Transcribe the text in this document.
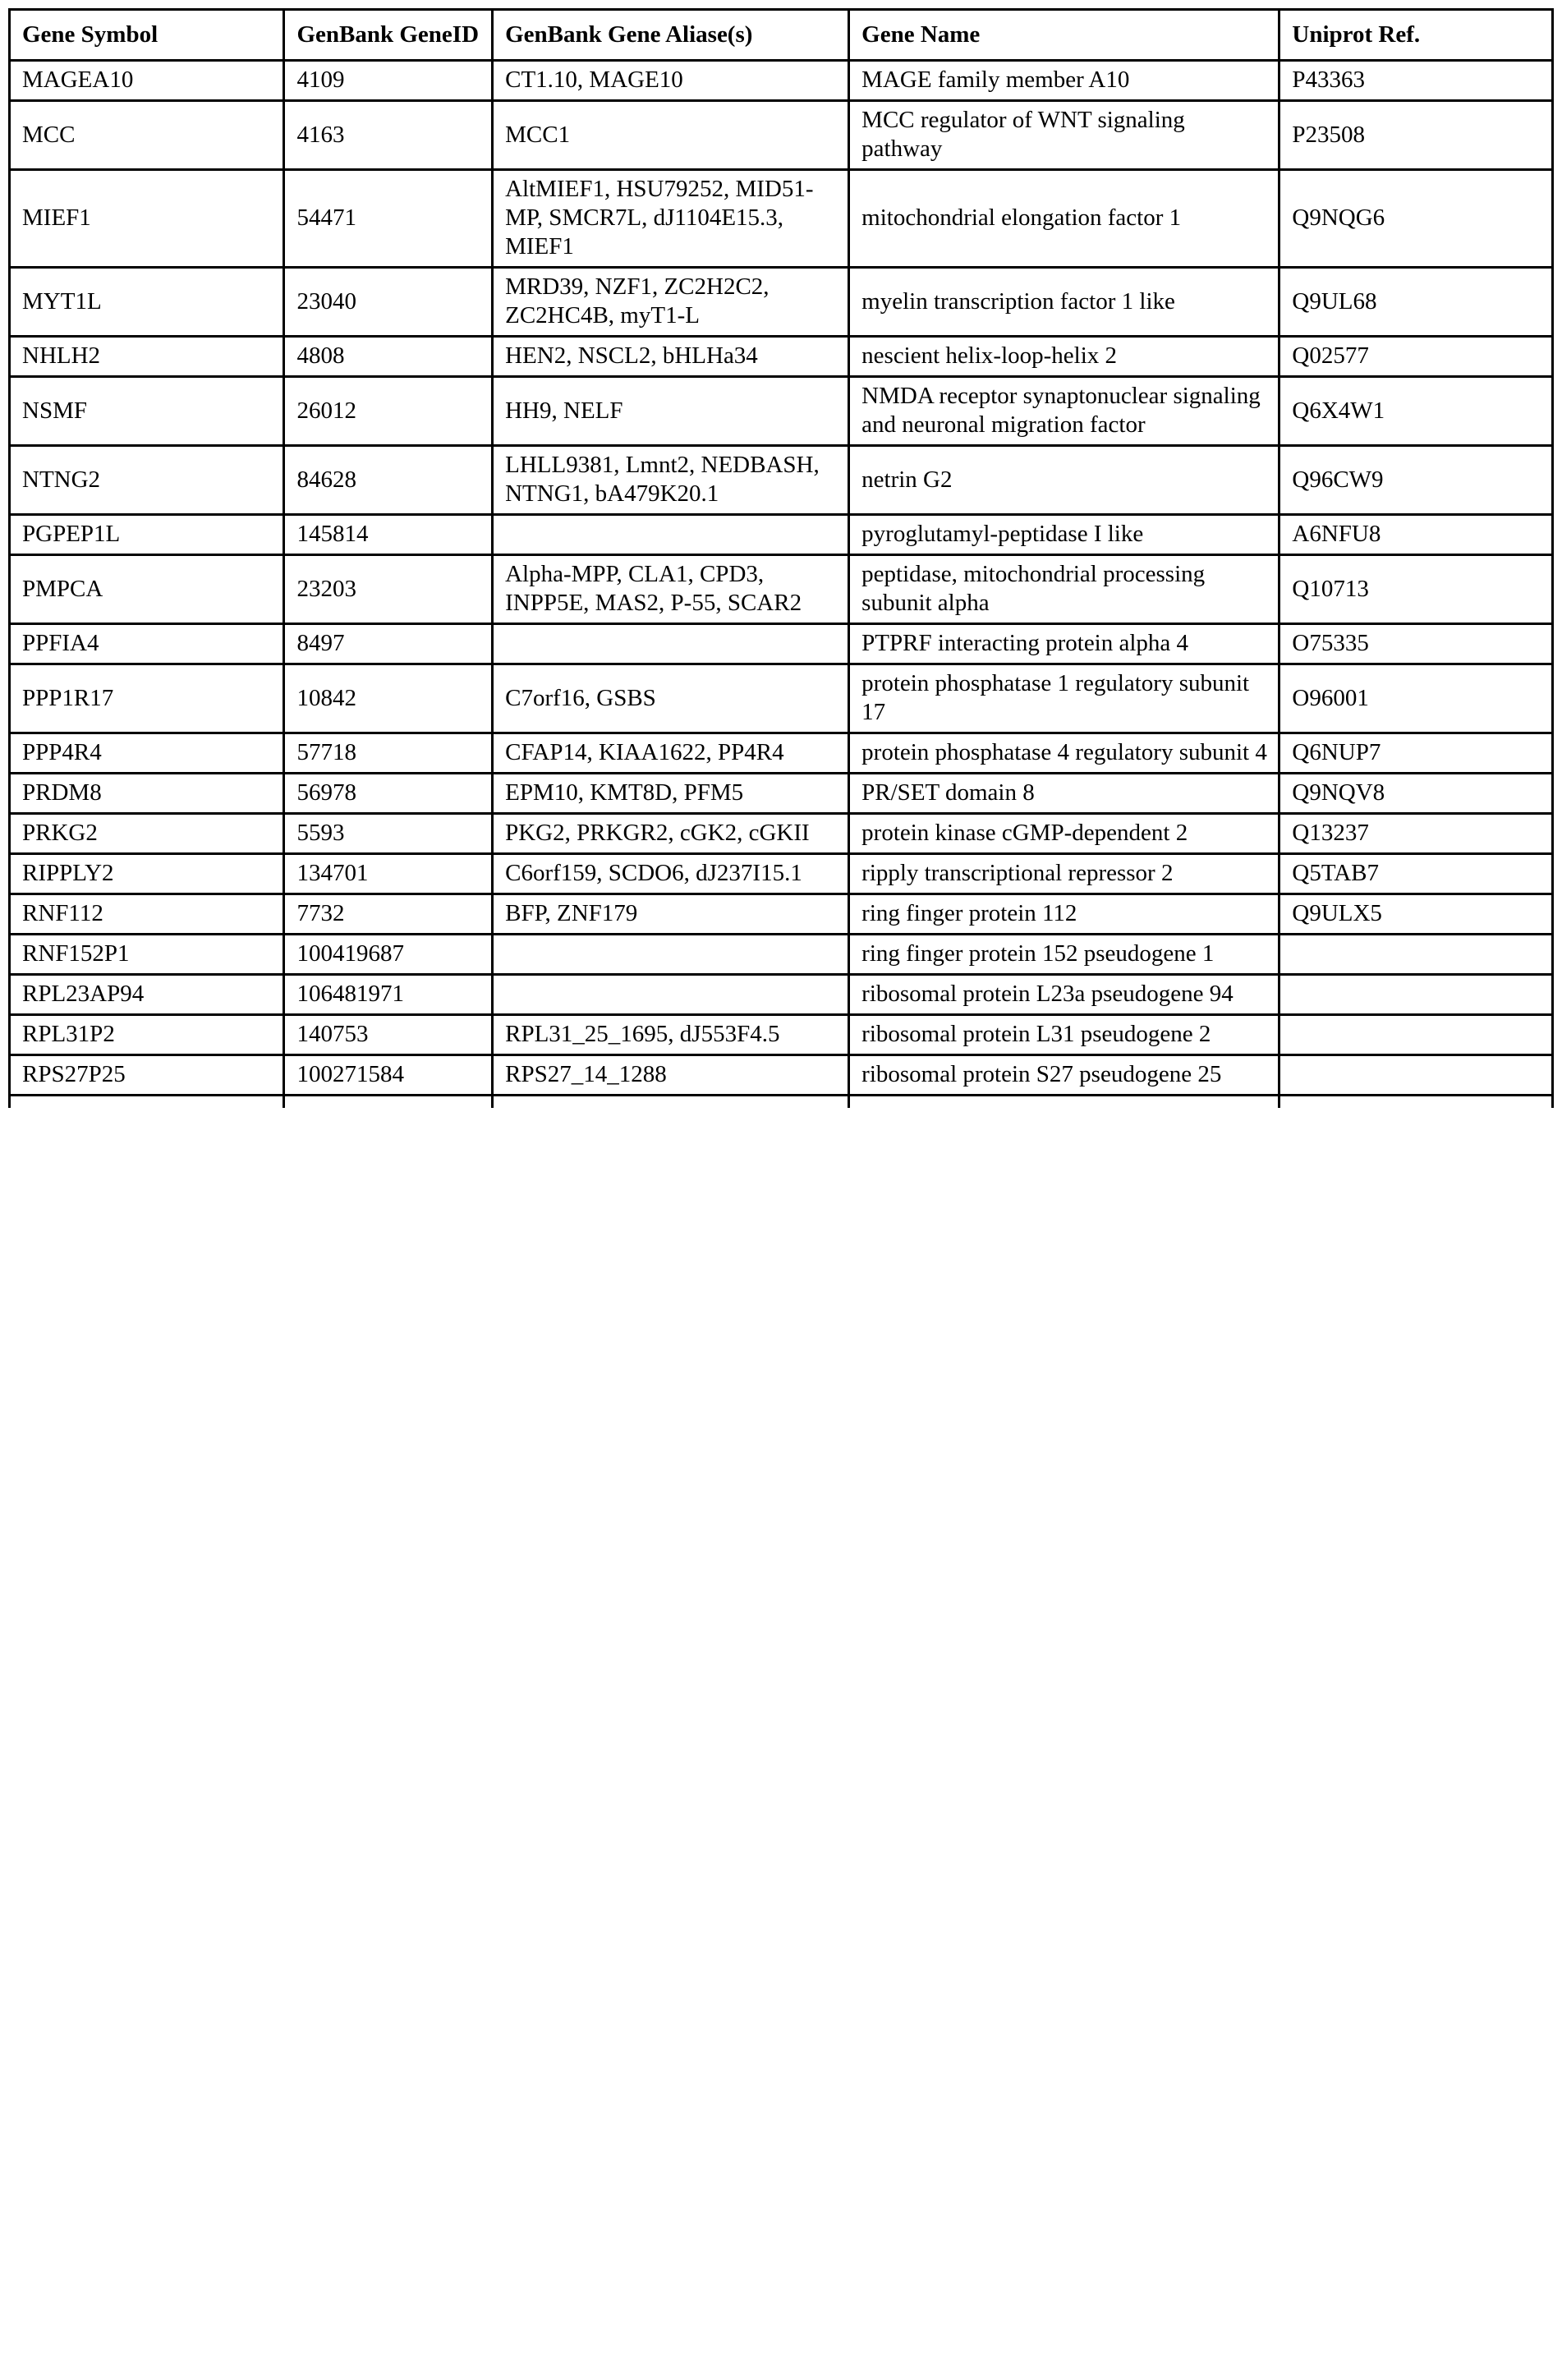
Gene Symbol	GenBank GeneID	GenBank Gene Aliase(s)	Gene Name	Uniprot Ref.
MAGEA10	4109	CT1.10, MAGE10	MAGE family member A10	P43363
MCC	4163	MCC1	MCC regulator of WNT signaling pathway	P23508
MIEF1	54471	AltMIEF1, HSU79252, MID51-MP, SMCR7L, dJ1104E15.3, MIEF1	mitochondrial elongation factor 1	Q9NQG6
MYT1L	23040	MRD39, NZF1, ZC2H2C2, ZC2HC4B, myT1-L	myelin transcription factor 1 like	Q9UL68
NHLH2	4808	HEN2, NSCL2, bHLHa34	nescient helix-loop-helix 2	Q02577
NSMF	26012	HH9, NELF	NMDA receptor synaptonuclear signaling and neuronal migration factor	Q6X4W1
NTNG2	84628	LHLL9381, Lmnt2, NEDBASH, NTNG1, bA479K20.1	netrin G2	Q96CW9
PGPEP1L	145814		pyroglutamyl-peptidase I like	A6NFU8
PMPCA	23203	Alpha-MPP, CLA1, CPD3, INPP5E, MAS2, P-55, SCAR2	peptidase, mitochondrial processing subunit alpha	Q10713
PPFIA4	8497		PTPRF interacting protein alpha 4	O75335
PPP1R17	10842	C7orf16, GSBS	protein phosphatase 1 regulatory subunit 17	O96001
PPP4R4	57718	CFAP14, KIAA1622, PP4R4	protein phosphatase 4 regulatory subunit 4	Q6NUP7
PRDM8	56978	EPM10, KMT8D, PFM5	PR/SET domain 8	Q9NQV8
PRKG2	5593	PKG2, PRKGR2, cGK2, cGKII	protein kinase cGMP-dependent 2	Q13237
RIPPLY2	134701	C6orf159, SCDO6, dJ237I15.1	ripply transcriptional repressor 2	Q5TAB7
RNF112	7732	BFP, ZNF179	ring finger protein 112	Q9ULX5
RNF152P1	100419687		ring finger protein 152 pseudogene 1	
RPL23AP94	106481971		ribosomal protein L23a pseudogene 94	
RPL31P2	140753	RPL31_25_1695, dJ553F4.5	ribosomal protein L31 pseudogene 2	
RPS27P25	100271584	RPS27_14_1288	ribosomal protein S27 pseudogene 25	
